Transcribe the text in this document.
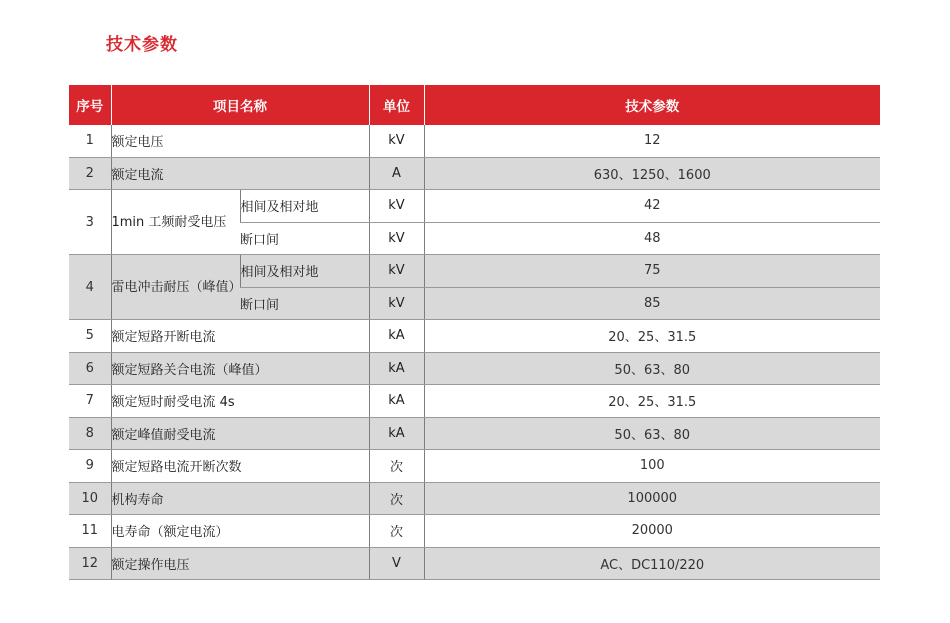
技术参数
序号	项目名称		单位	技术参数
1	额定电压		kV	12
2	额定电流		A	630、1250、1600
3	1min 工频耐受电压	相间及相对地	kV	42
		断口间	kV	48
4	雷电冲击耐压（峰值）	相间及相对地	kV	75
		断口间	kV	85
5	额定短路开断电流		kA	20、25、31.5
6	额定短路关合电流（峰值）		kA	50、63、80
7	额定短时耐受电流 4s		kA	20、25、31.5
8	额定峰值耐受电流		kA	50、63、80
9	额定短路电流开断次数		次	100
10	机构寿命		次	100000
11	电寿命（额定电流）		次	20000
12	额定操作电压		V	AC、DC110/220
